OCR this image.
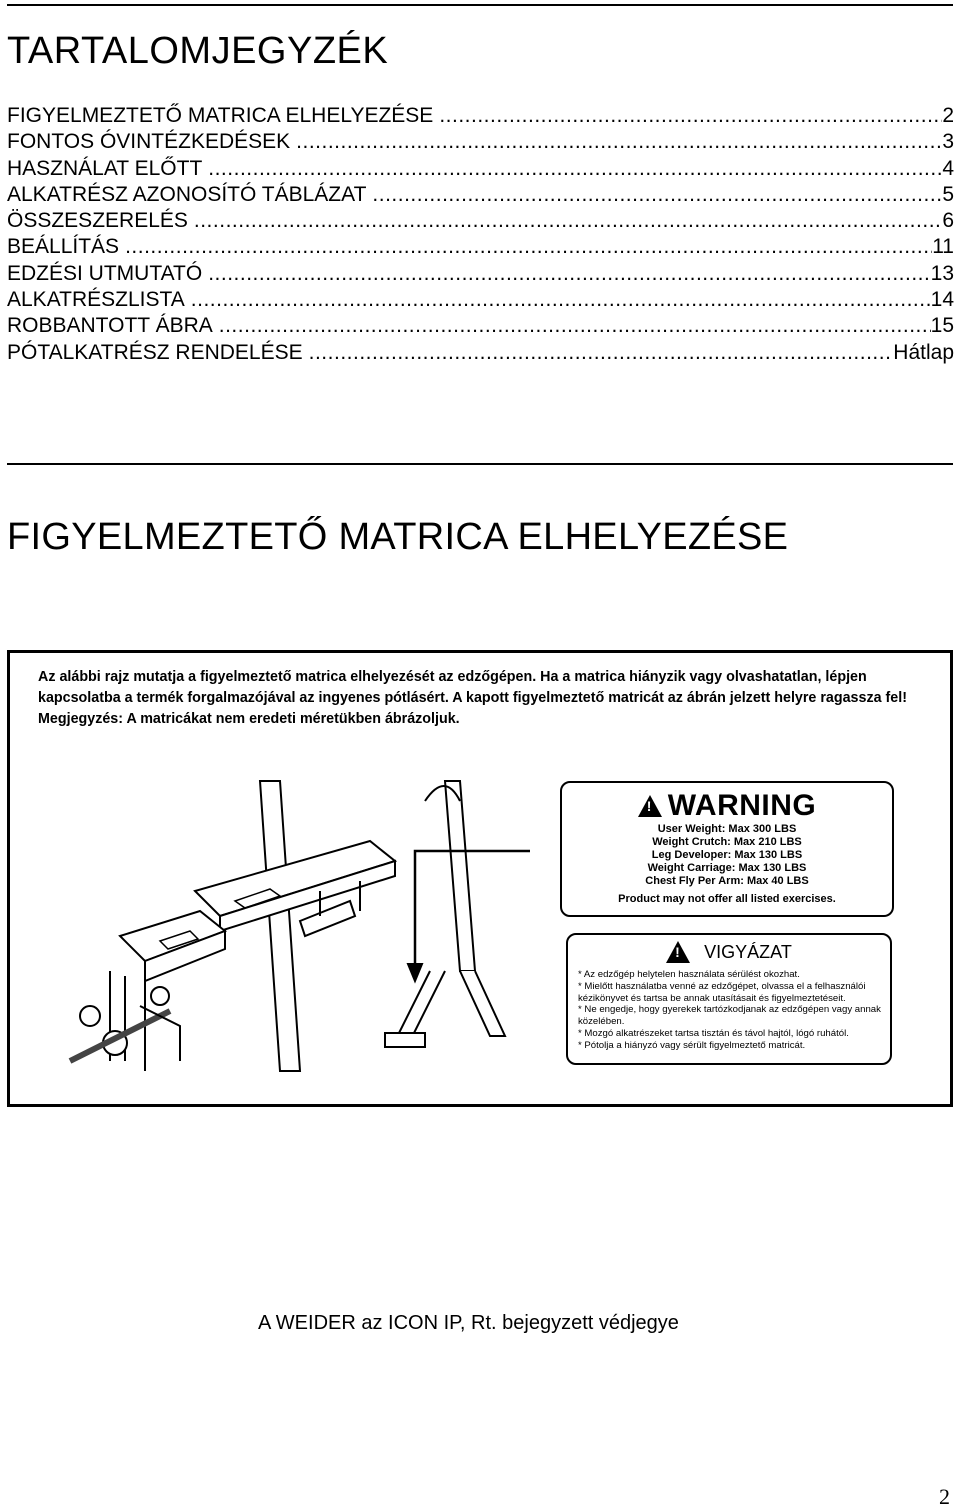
TARTALOMJEGYZÉK
FIGYELMEZTETŐ MATRICA ELHELYEZÉSE .....	2
FONTOS ÓVINTÉZKEDÉSEK .....	3
HASZNÁLAT ELŐTT .....	4
ALKATRÉSZ AZONOSÍTÓ TÁBLÁZAT .....	5
ÖSSZESZERELÉS .....	6
BEÁLLÍTÁS .....	11
EDZÉSI UTMUTATÓ .....	13
ALKATRÉSZLISTA .....	14
ROBBANTOTT ÁBRA .....	15
PÓTALKATRÉSZ RENDELÉSE .....	Hátlap
FIGYELMEZTETŐ MATRICA ELHELYEZÉSE
Az alábbi rajz mutatja a figyelmeztető matrica elhelyezését az edzőgépen. Ha a matrica hiányzik vagy olvashatatlan, lépjen kapcsolatba a termék forgalmazójával az ingyenes pótlásért. A kapott figyelmeztető matricát az ábrán jelzett helyre ragassza fel! Megjegyzés: A matricákat nem eredeti méretükben ábrázoljuk.
!
WARNING
User Weight: Max 300 LBS
Weight Crutch: Max 210 LBS
Leg Developer: Max 130 LBS
Weight Carriage: Max 130 LBS
Chest Fly Per Arm: Max 40 LBS
Product may not offer all listed exercises.
!
VIGYÁZAT
* Az edzőgép helytelen használata sérülést okozhat.
* Mielőtt használatba venné az edzőgépet, olvassa el a felhasználói kézikönyvet és tartsa be annak utasításait és figyelmeztetéseit.
* Ne engedje, hogy gyerekek tartózkodjanak az edzőgépen vagy annak közelében.
* Mozgó alkatrészeket tartsa tisztán és távol hajtól, lógó ruhától.
* Pótolja a hiányzó vagy sérült figyelmeztető matricát.
A WEIDER az ICON IP, Rt. bejegyzett védjegye
2
